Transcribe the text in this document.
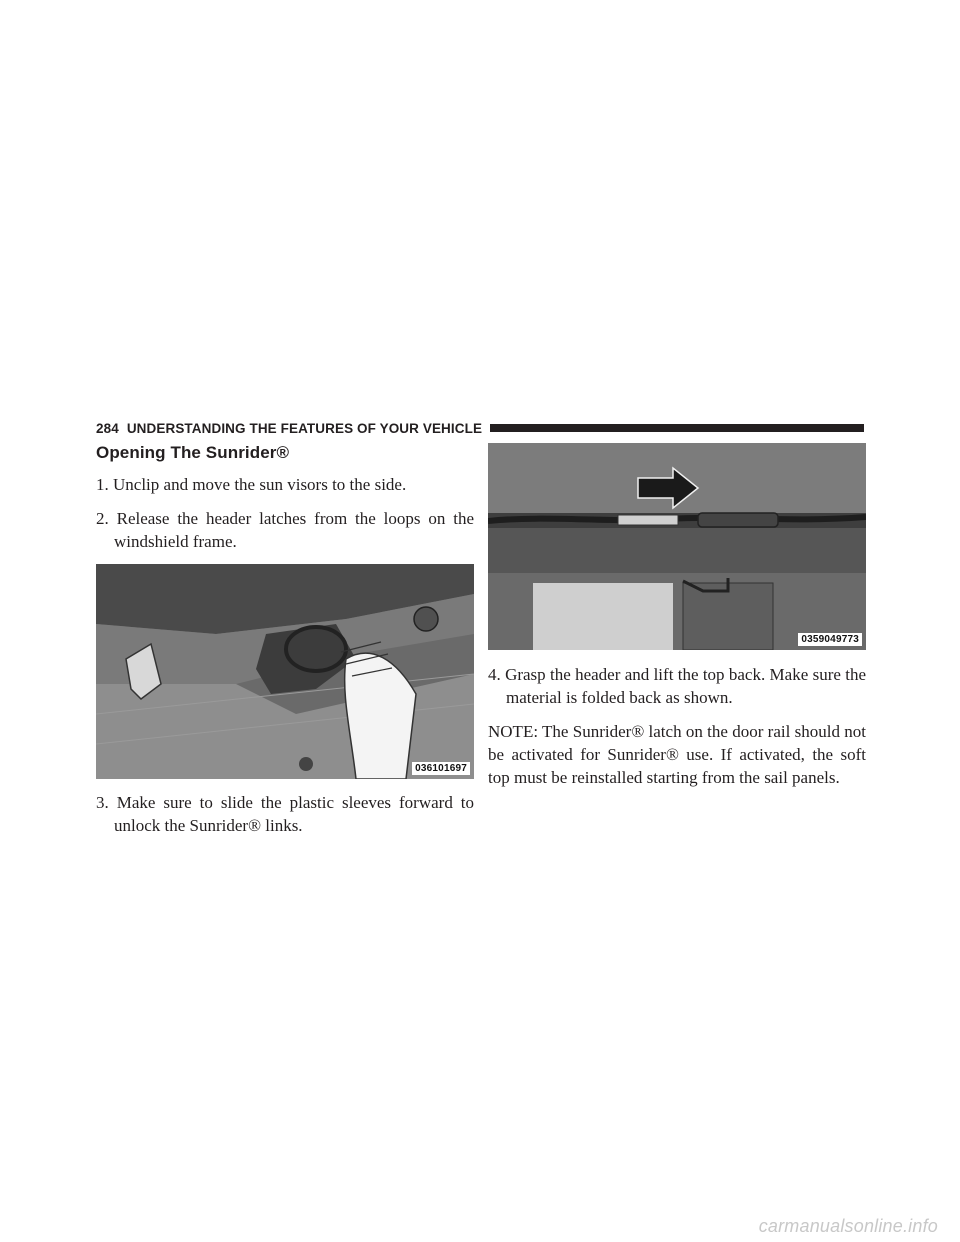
284 UNDERSTANDING THE FEATURES OF YOUR VEHICLE
Opening The Sunrider®

1. Unclip and move the sun visors to the side.

2. Release the header latches from the loops on the windshield frame.

036101697

3. Make sure to slide the plastic sleeves forward to unlock the Sunrider® links.

0359049773

4. Grasp the header and lift the top back. Make sure the material is folded back as shown.

NOTE: The Sunrider® latch on the door rail should not be activated for Sunrider® use. If activated, the soft top must be reinstalled starting from the sail panels.

carmanualsonline.info
